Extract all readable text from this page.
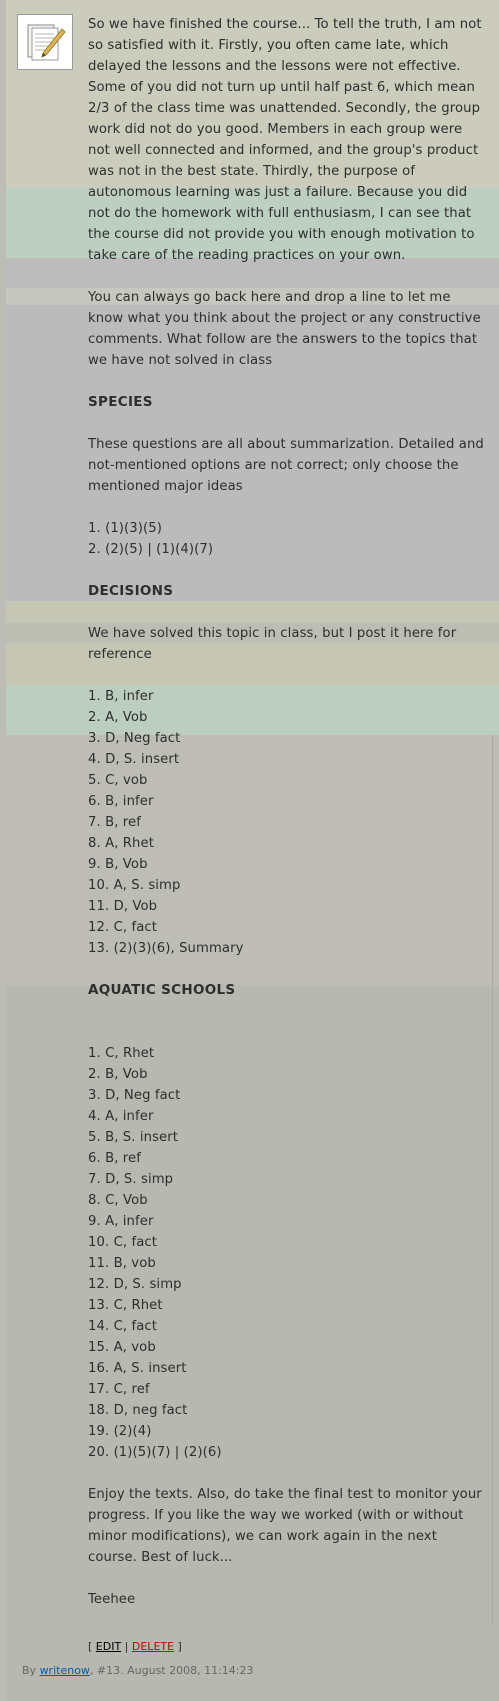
So we have finished the course... To tell the truth, I am not so satisfied with it. Firstly, you often came late, which delayed the lessons and the lessons were not effective. Some of you did not turn up until half past 6, which mean 2/3 of the class time was unattended. Secondly, the group work did not do you good. Members in each group were not well connected and informed, and the group's product was not in the best state. Thirdly, the purpose of autonomous learning was just a failure. Because you did not do the homework with full enthusiasm, I can see that the course did not provide you with enough motivation to take care of the reading practices on your own.

You can always go back here and drop a line to let me know what you think about the project or any constructive comments. What follow are the answers to the topics that we have not solved in class

SPECIES

These questions are all about summarization. Detailed and not-mentioned options are not correct; only choose the mentioned major ideas

1. (1)(3)(5)

2. (2)(5) | (1)(4)(7)

DECISIONS

We have solved this topic in class, but I post it here for reference

1. B, infer

2. A, Vob

3. D, Neg fact

4. D, S. insert

5. C, vob

6. B, infer

7. B, ref

8. A, Rhet

9. B, Vob

10. A, S. simp

11. D, Vob

12. C, fact

13. (2)(3)(6), Summary

AQUATIC SCHOOLS

1. C, Rhet

2. B, Vob

3. D, Neg fact

4. A, infer

5. B, S. insert

6. B, ref

7. D, S. simp

8. C, Vob

9. A, infer

10. C, fact

11. B, vob

12. D, S. simp

13. C, Rhet

14. C, fact

15. A, vob

16. A, S. insert

17. C, ref

18. D, neg fact

19. (2)(4)

20. (1)(5)(7) | (2)(6)

Enjoy the texts. Also, do take the final test to monitor your progress. If you like the way we worked (with or without minor modifications), we can work again in the next course. Best of luck...

Teehee

[ EDIT | DELETE ]
By writenow, #13. August 2008, 11:14:23
